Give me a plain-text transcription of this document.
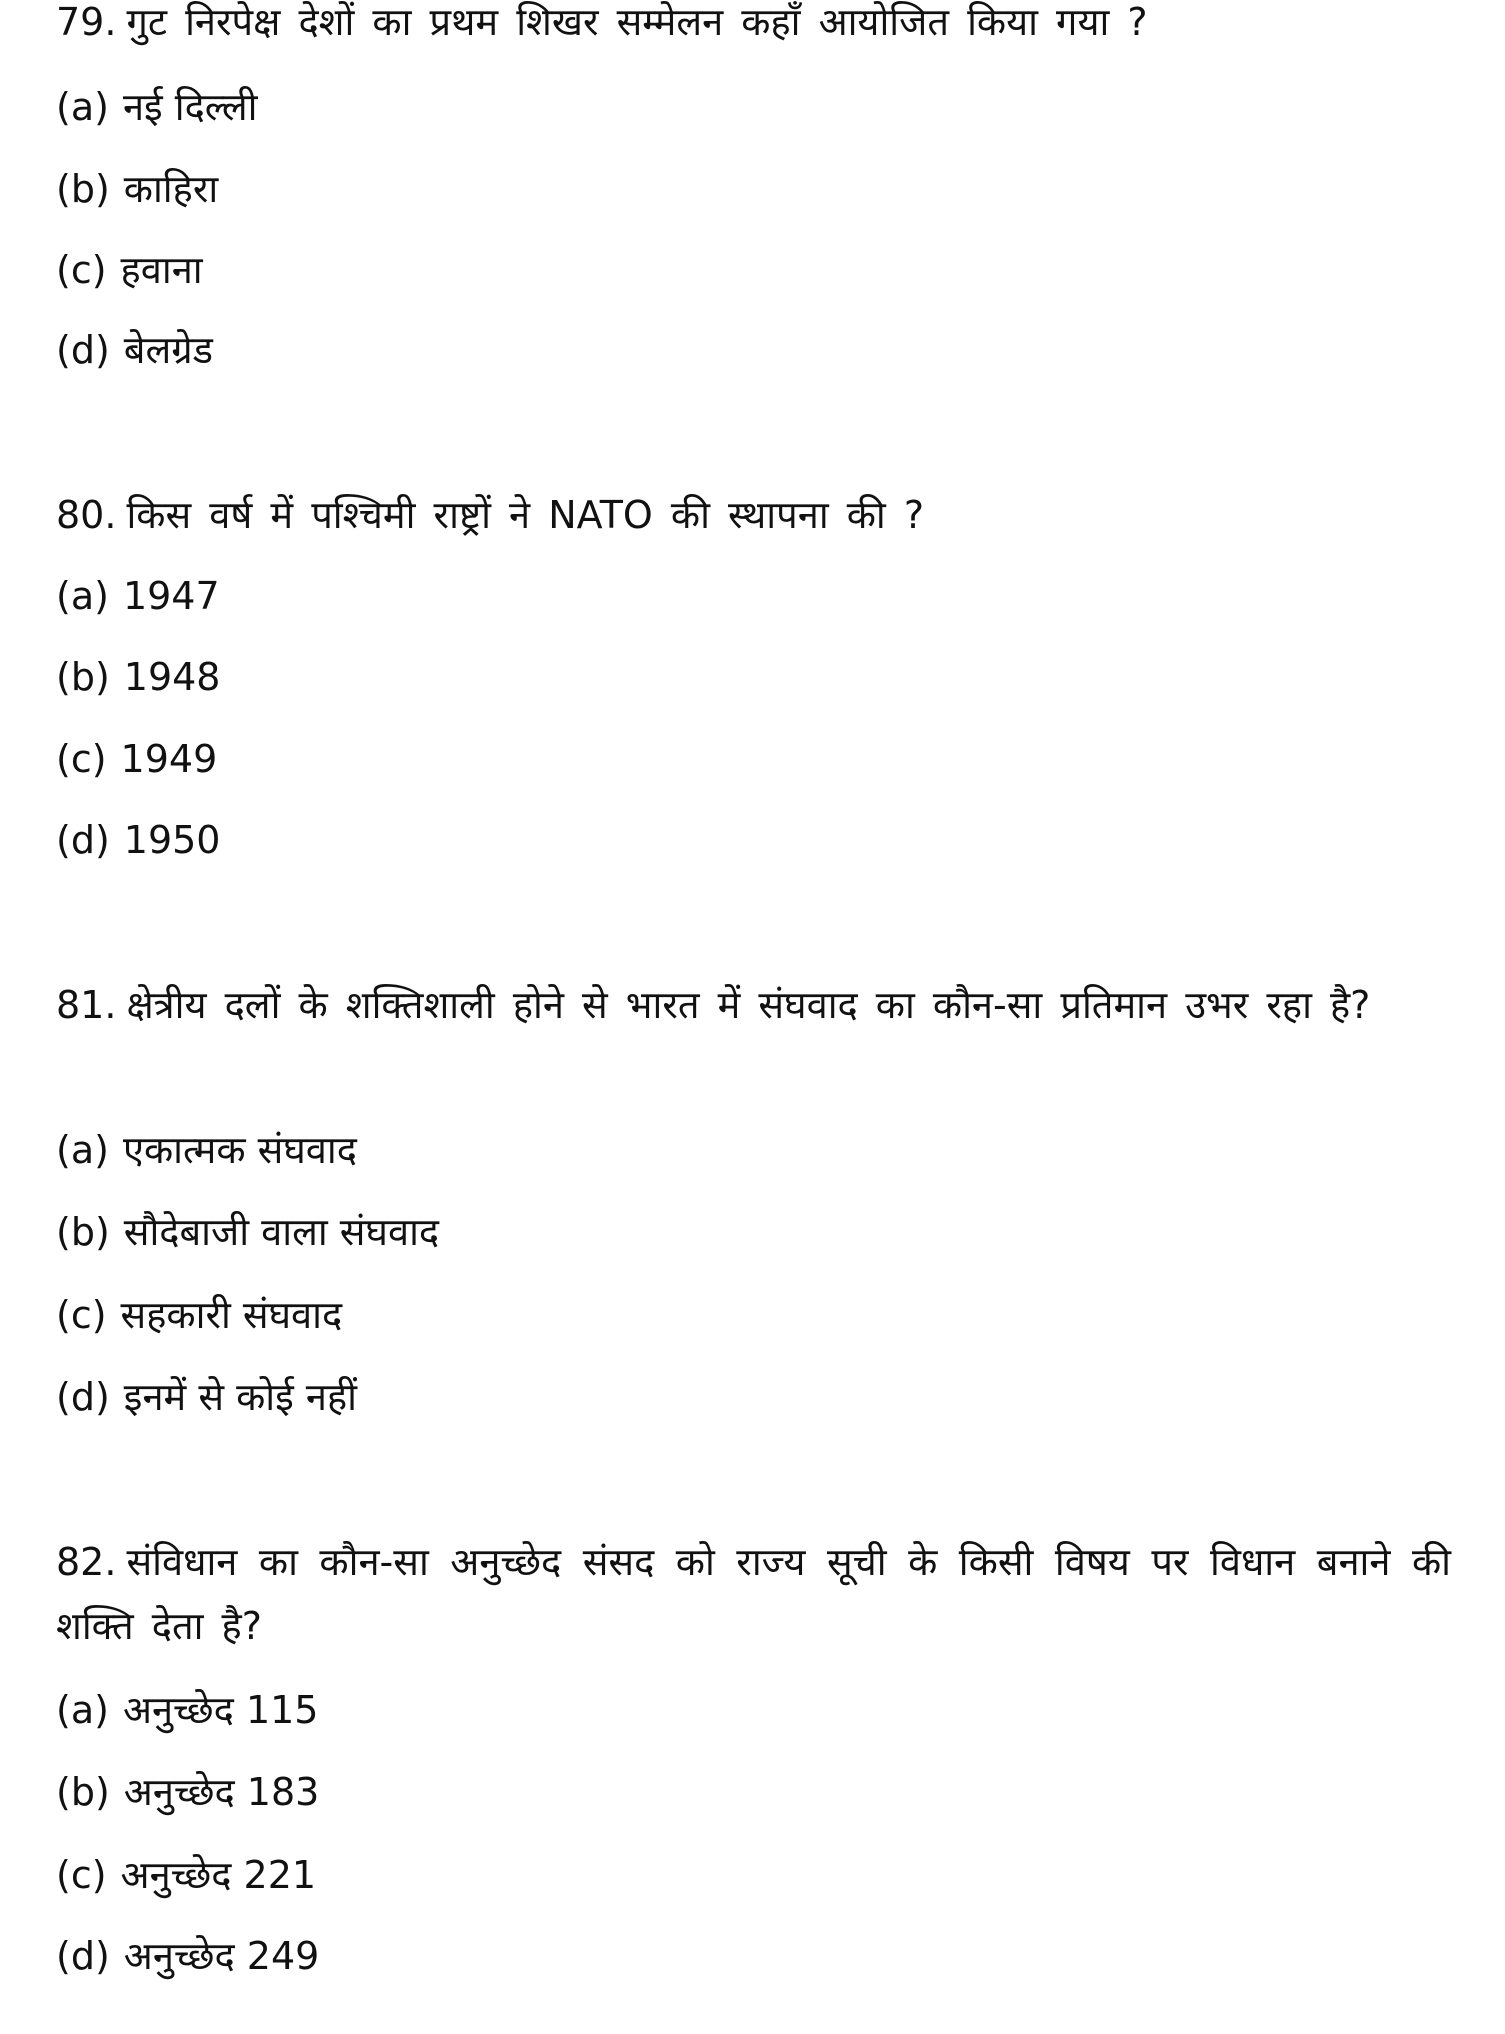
79. गुट निरपेक्ष देशों का प्रथम शिखर सम्मेलन कहाँ आयोजित किया गया ?
(a) नई दिल्ली
(b) काहिरा
(c) हवाना
(d) बेलग्रेड
80. किस वर्ष में पश्चिमी राष्ट्रों ने NATO की स्थापना की ?
(a) 1947
(b) 1948
(c) 1949
(d) 1950
81. क्षेत्रीय दलों के शक्तिशाली होने से भारत में संघवाद का कौन-सा प्रतिमान उभर रहा है?
(a) एकात्मक संघवाद
(b) सौदेबाजी वाला संघवाद
(c) सहकारी संघवाद
(d) इनमें से कोई नहीं
82. संविधान का कौन-सा अनुच्छेद संसद को राज्य सूची के किसी विषय पर विधान बनाने की शक्ति देता है?
(a) अनुच्छेद 115
(b) अनुच्छेद 183
(c) अनुच्छेद 221
(d) अनुच्छेद 249
